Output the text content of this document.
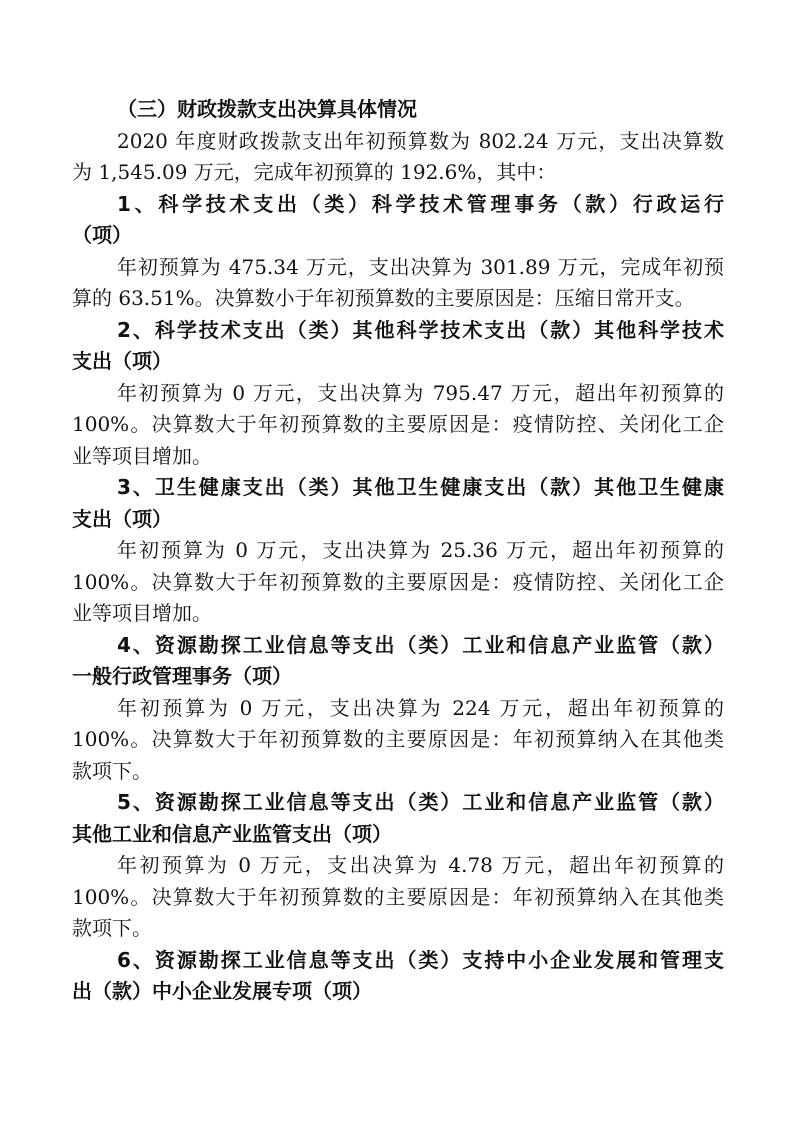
（三）财政拨款支出决算具体情况
2020 年度财政拨款支出年初预算数为 802.24 万元，支出决算数
为 1,545.09 万元，完成年初预算的 192.6%，其中：
1、科学技术支出（类）科学技术管理事务（款）行政运行
（项）
年初预算为 475.34 万元，支出决算为 301.89 万元，完成年初预
算的 63.51%。决算数小于年初预算数的主要原因是：压缩日常开支。
2、科学技术支出（类）其他科学技术支出（款）其他科学技术
支出（项）
年初预算为 0 万元，支出决算为 795.47 万元，超出年初预算的
100%。决算数大于年初预算数的主要原因是：疫情防控、关闭化工企
业等项目增加。
3、卫生健康支出（类）其他卫生健康支出（款）其他卫生健康
支出（项）
年初预算为 0 万元，支出决算为 25.36 万元，超出年初预算的
100%。决算数大于年初预算数的主要原因是：疫情防控、关闭化工企
业等项目增加。
4、资源勘探工业信息等支出（类）工业和信息产业监管（款）
一般行政管理事务（项）
年初预算为 0 万元，支出决算为 224 万元，超出年初预算的
100%。决算数大于年初预算数的主要原因是：年初预算纳入在其他类
款项下。
5、资源勘探工业信息等支出（类）工业和信息产业监管（款）
其他工业和信息产业监管支出（项）
年初预算为 0 万元，支出决算为 4.78 万元，超出年初预算的
100%。决算数大于年初预算数的主要原因是：年初预算纳入在其他类
款项下。
6、资源勘探工业信息等支出（类）支持中小企业发展和管理支
出（款）中小企业发展专项（项）
